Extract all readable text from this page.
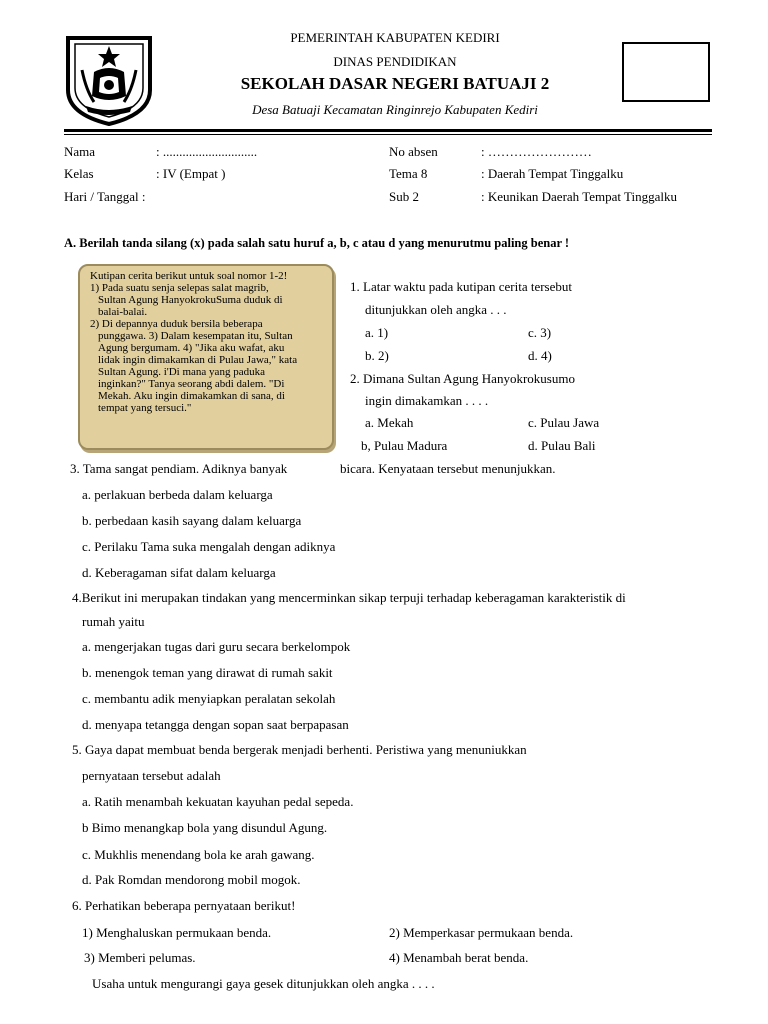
PEMERINTAH KABUPATEN KEDIRI
DINAS PENDIDIKAN
SEKOLAH DASAR NEGERI BATUAJI 2
Desa Batuaji Kecamatan Ringinrejo Kabupaten Kediri
Nama	: .............................
Kelas	: IV (Empat )
Hari / Tanggal :
No absen	: ……………………
Tema 8	: Daerah Tempat Tinggalku
Sub 2	: Keunikan Daerah Tempat Tinggalku
A. Berilah tanda silang (x) pada salah satu huruf a, b, c atau d yang menurutmu paling benar !
Kutipan cerita berikut untuk soal nomor 1-2!
1) Pada suatu senja selepas salat magrib,
Sultan Agung HanyokrokuSuma duduk di
balai-balai.
2) Di depannya duduk bersila beberapa
punggawa. 3) Dalam kesempatan itu, Sultan
Agung bergumam. 4) "Jika aku wafat, aku
lidak ingin dimakamkan di Pulau Jawa," kata
Sultan Agung. i'Di mana yang paduka
inginkan?" Tanya seorang abdi dalem. "Di
Mekah. Aku ingin dimakamkan di sana, di
tempat yang tersuci."
1. Latar waktu pada kutipan cerita tersebut
ditunjukkan oleh angka . . .
a. 1)	c. 3)
b. 2)	d. 4)
2. Dimana Sultan Agung Hanyokrokusumo
ingin dimakamkan . . . .
a. Mekah	c. Pulau Jawa
b, Pulau Madura	d. Pulau Bali
3. Tama sangat pendiam. Adiknya banyak	bicara. Kenyataan tersebut menunjukkan.
a. perlakuan berbeda dalam keluarga
b. perbedaan kasih sayang dalam keluarga
c. Perilaku Tama suka mengalah dengan adiknya
d. Keberagaman sifat dalam keluarga
4.Berikut ini merupakan tindakan yang mencerminkan sikap terpuji terhadap keberagaman karakteristik di
rumah yaitu
a. mengerjakan tugas dari guru secara berkelompok
b. menengok teman yang dirawat di rumah sakit
c. membantu adik menyiapkan peralatan sekolah
d. menyapa tetangga dengan sopan saat berpapasan
5. Gaya dapat membuat benda bergerak menjadi berhenti. Peristiwa yang menuniukkan
pernyataan tersebut adalah
a. Ratih menambah kekuatan kayuhan pedal sepeda.
b Bimo menangkap bola yang disundul Agung.
c. Mukhlis menendang bola ke arah gawang.
d. Pak Romdan mendorong mobil mogok.
6. Perhatikan beberapa pernyataan berikut!
1) Menghaluskan permukaan benda.	2) Memperkasar permukaan benda.
3) Memberi pelumas.	4) Menambah berat benda.
Usaha untuk mengurangi gaya gesek ditunjukkan oleh angka . . . .
